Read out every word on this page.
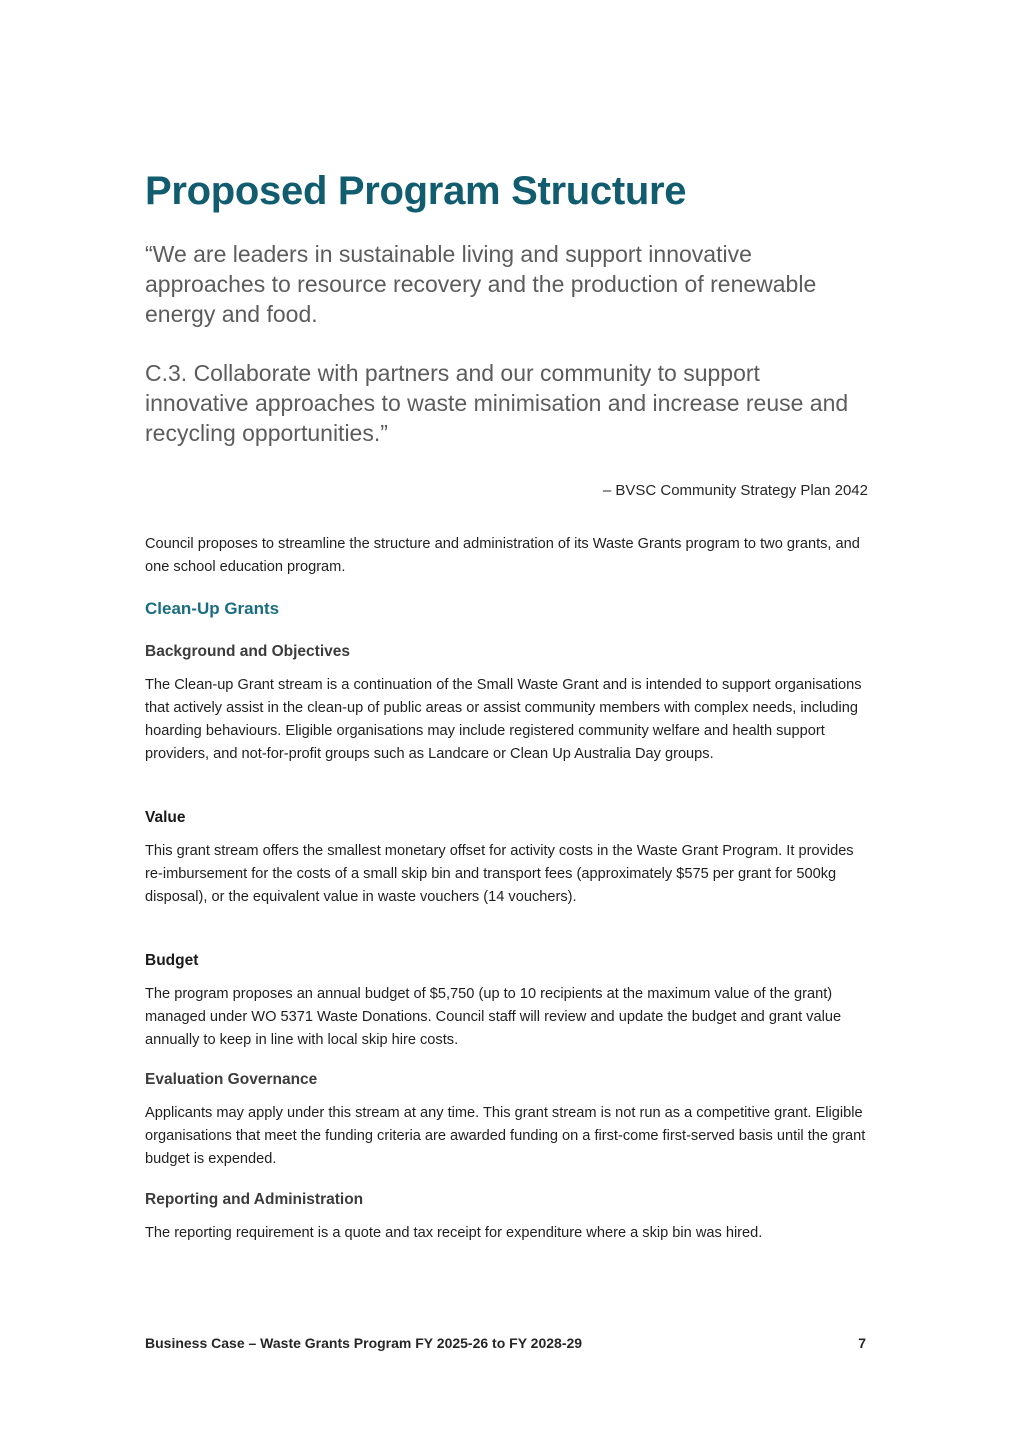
Proposed Program Structure

“We are leaders in sustainable living and support innovative approaches to resource recovery and the production of renewable energy and food.

C.3. Collaborate with partners and our community to support innovative approaches to waste minimisation and increase reuse and recycling opportunities.”

– BVSC Community Strategy Plan 2042

Council proposes to streamline the structure and administration of its Waste Grants program to two grants, and one school education program.

Clean-Up Grants
Background and Objectives

The Clean-up Grant stream is a continuation of the Small Waste Grant and is intended to support organisations that actively assist in the clean-up of public areas or assist community members with complex needs, including hoarding behaviours. Eligible organisations may include registered community welfare and health support providers, and not-for-profit groups such as Landcare or Clean Up Australia Day groups.

Value

This grant stream offers the smallest monetary offset for activity costs in the Waste Grant Program. It provides re-imbursement for the costs of a small skip bin and transport fees (approximately $575 per grant for 500kg disposal), or the equivalent value in waste vouchers (14 vouchers).

Budget

The program proposes an annual budget of $5,750 (up to 10 recipients at the maximum value of the grant) managed under WO 5371 Waste Donations. Council staff will review and update the budget and grant value annually to keep in line with local skip hire costs.

Evaluation Governance

Applicants may apply under this stream at any time. This grant stream is not run as a competitive grant. Eligible organisations that meet the funding criteria are awarded funding on a first-come first-served basis until the grant budget is expended.

Reporting and Administration

The reporting requirement is a quote and tax receipt for expenditure where a skip bin was hired.

Business Case – Waste Grants Program FY 2025-26 to FY 2028-29	7
